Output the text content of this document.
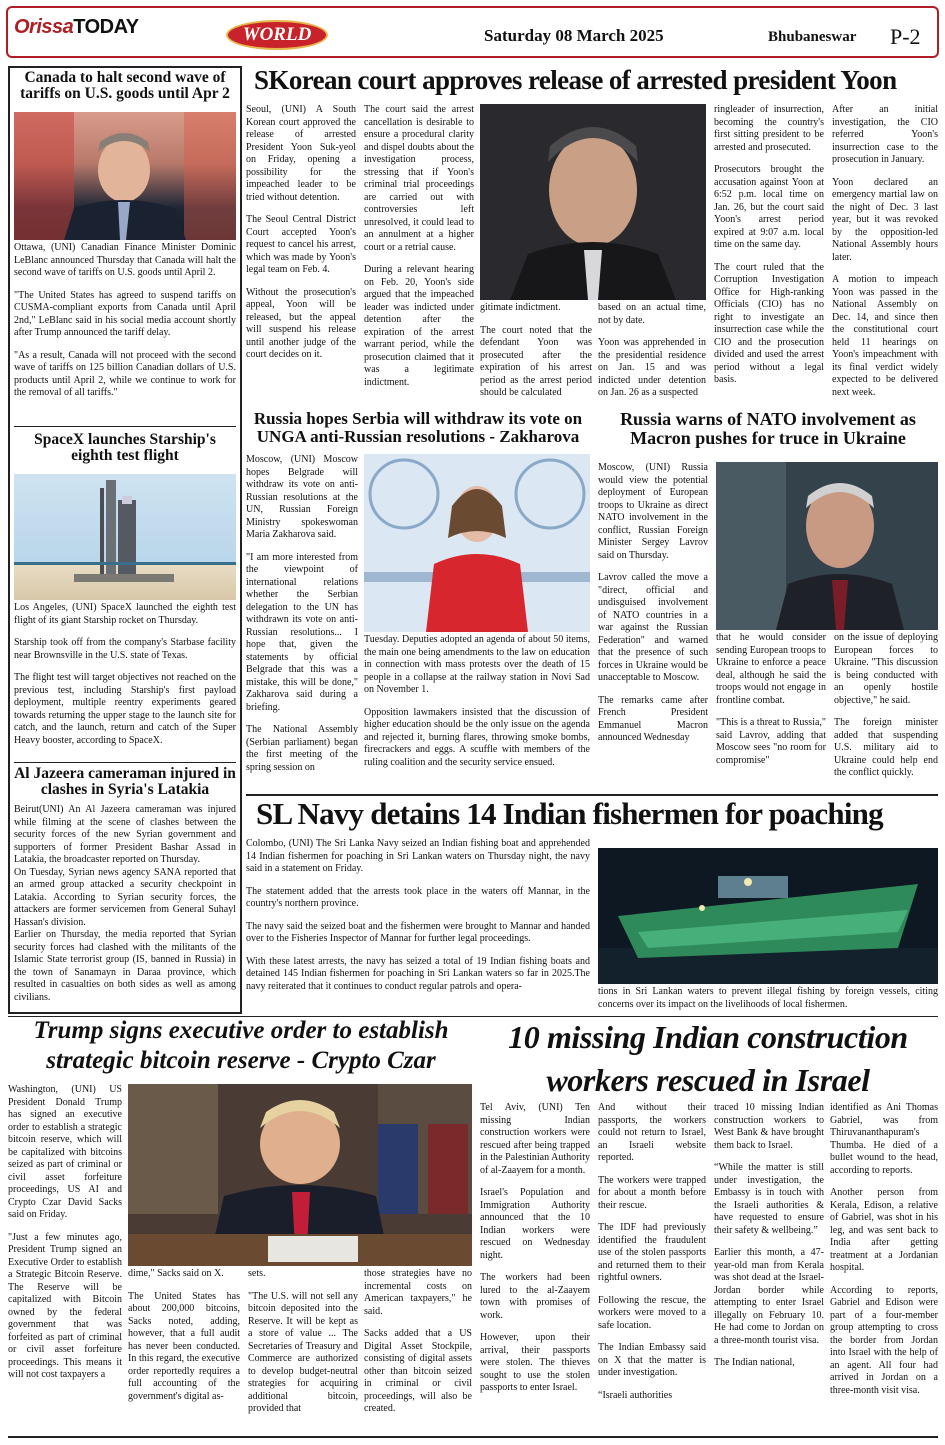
OrissaTODAY	WORLD	Saturday 08 March 2025	Bhubaneswar P-2
Canada to halt second wave of tariffs on U.S. goods until Apr 2

Ottawa, (UNI) Canadian Finance Minister Dominic LeBlanc announced Thursday that Canada will halt the second wave of tariffs on U.S. goods until April 2.

"The United States has agreed to suspend tariffs on CUSMA-compliant exports from Canada until April 2nd," LeBlanc said in his social media account shortly after Trump announced the tariff delay.

"As a result, Canada will not proceed with the second wave of tariffs on 125 billion Canadian dollars of U.S. products until April 2, while we continue to work for the removal of all tariffs."

SpaceX launches Starship's eighth test flight

Los Angeles, (UNI) SpaceX launched the eighth test flight of its giant Starship rocket on Thursday.

Starship took off from the company's Starbase facility near Brownsville in the U.S. state of Texas.

The flight test will target objectives not reached on the previous test, including Starship's first payload deployment, multiple reentry experiments geared towards returning the upper stage to the launch site for catch, and the launch, return and catch of the Super Heavy booster, according to SpaceX.

Al Jazeera cameraman injured in clashes in Syria's Latakia

Beirut(UNI) An Al Jazeera cameraman was injured while filming at the scene of clashes between the security forces of the new Syrian government and supporters of former President Bashar Assad in Latakia, the broadcaster reported on Thursday.

On Tuesday, Syrian news agency SANA reported that an armed group attacked a security checkpoint in Latakia. According to Syrian security forces, the attackers are former servicemen from General Suhayl Hassan's division.

Earlier on Thursday, the media reported that Syrian security forces had clashed with the militants of the Islamic State terrorist group (IS, banned in Russia) in the town of Sanamayn in Daraa province, which resulted in casualties on both sides as well as among civilians.

SKorean court approves release of arrested president Yoon

Seoul, (UNI) A South Korean court approved the release of arrested President Yoon Suk-yeol on Friday, opening a possibility for the impeached leader to be tried without detention.

The Seoul Central District Court accepted Yoon's request to cancel his arrest, which was made by Yoon's legal team on Feb. 4.

Without the prosecution's appeal, Yoon will be released, but the appeal will suspend his release until another judge of the court decides on it.

The court said the arrest cancellation is desirable to ensure a procedural clarity and dispel doubts about the investigation process, stressing that if Yoon's criminal trial proceedings are carried out with controversies left unresolved, it could lead to an annulment at a higher court or a retrial cause.

During a relevant hearing on Feb. 20, Yoon's side argued that the impeached leader was indicted under detention after the expiration of the arrest warrant period, while the prosecution claimed that it was a legitimate indictment.

gitimate indictment.

The court noted that the defendant Yoon was prosecuted after the expiration of his arrest period as the arrest period should be calculated

based on an actual time, not by date.

Yoon was apprehended in the presidential residence on Jan. 15 and was indicted under detention on Jan. 26 as a suspected

ringleader of insurrection, becoming the country's first sitting president to be arrested and prosecuted.

Prosecutors brought the accusation against Yoon at 6:52 p.m. local time on Jan. 26, but the court said Yoon's arrest period expired at 9:07 a.m. local time on the same day.

The court ruled that the Corruption Investigation Office for High-ranking Officials (CIO) has no right to investigate an insurrection case while the CIO and the prosecution divided and used the arrest period without a legal basis.

After an initial investigation, the CIO referred Yoon's insurrection case to the prosecution in January.

Yoon declared an emergency martial law on the night of Dec. 3 last year, but it was revoked by the opposition-led National Assembly hours later.

A motion to impeach Yoon was passed in the National Assembly on Dec. 14, and since then the constitutional court held 11 hearings on Yoon's impeachment with its final verdict widely expected to be delivered next week.

Russia hopes Serbia will withdraw its vote on UNGA anti-Russian resolutions - Zakharova

Moscow, (UNI) Moscow hopes Belgrade will withdraw its vote on anti-Russian resolutions at the UN, Russian Foreign Ministry spokeswoman Maria Zakharova said.

"I am more interested from the viewpoint of international relations whether the Serbian delegation to the UN has withdrawn its vote on anti-Russian resolutions... I hope that, given the statements by official Belgrade that this was a mistake, this will be done," Zakharova said during a briefing.

The National Assembly (Serbian parliament) began the first meeting of the spring session on

Tuesday. Deputies adopted an agenda of about 50 items, the main one being amendments to the law on education in connection with mass protests over the death of 15 people in a collapse at the railway station in Novi Sad on November 1.

Opposition lawmakers insisted that the discussion of higher education should be the only issue on the agenda and rejected it, burning flares, throwing smoke bombs, firecrackers and eggs. A scuffle with members of the ruling coalition and the security service ensued.

Russia warns of NATO involvement as Macron pushes for truce in Ukraine

Moscow, (UNI) Russia would view the potential deployment of European troops to Ukraine as direct NATO involvement in the conflict, Russian Foreign Minister Sergey Lavrov said on Thursday.

Lavrov called the move a "direct, official and undisguised involvement of NATO countries in a war against the Russian Federation" and warned that the presence of such forces in Ukraine would be unacceptable to Moscow.

The remarks came after French President Emmanuel Macron announced Wednesday

that he would consider sending European troops to Ukraine to enforce a peace deal, although he said the troops would not engage in frontline combat.

"This is a threat to Russia," said Lavrov, adding that Moscow sees "no room for compromise"

on the issue of deploying European forces to Ukraine. "This discussion is being conducted with an openly hostile objective," he said.

The foreign minister added that suspending U.S. military aid to Ukraine could help end the conflict quickly.

SL Navy detains 14 Indian fishermen for poaching

Colombo, (UNI) The Sri Lanka Navy seized an Indian fishing boat and apprehended 14 Indian fishermen for poaching in Sri Lankan waters on Thursday night, the navy said in a statement on Friday.

The statement added that the arrests took place in the waters off Mannar, in the country's northern province.

The navy said the seized boat and the fishermen were brought to Mannar and handed over to the Fisheries Inspector of Mannar for further legal proceedings.

With these latest arrests, the navy has seized a total of 19 Indian fishing boats and detained 145 Indian fishermen for poaching in Sri Lankan waters so far in 2025.The navy reiterated that it continues to conduct regular patrols and opera-	tions in Sri Lankan waters to prevent illegal fishing by foreign vessels, citing concerns over its impact on the livelihoods of local fishermen.
Trump signs executive order to establish strategic bitcoin reserve - Crypto Czar

Washington, (UNI) US President Donald Trump has signed an executive order to establish a strategic bitcoin reserve, which will be capitalized with bitcoins seized as part of criminal or civil asset forfeiture proceedings, US AI and Crypto Czar David Sacks said on Friday.

"Just a few minutes ago, President Trump signed an Executive Order to establish a Strategic Bitcoin Reserve. The Reserve will be capitalized with Bitcoin owned by the federal government that was forfeited as part of criminal or civil asset forfeiture proceedings. This means it will not cost taxpayers a

dime," Sacks said on X.

The United States has about 200,000 bitcoins, Sacks noted, adding, however, that a full audit has never been conducted. In this regard, the executive order reportedly requires a full accounting of the government's digital as-

sets.

"The U.S. will not sell any bitcoin deposited into the Reserve. It will be kept as a store of value ... The Secretaries of Treasury and Commerce are authorized to develop budget-neutral strategies for acquiring additional bitcoin, provided that

those strategies have no incremental costs on American taxpayers," he said.

Sacks added that a US Digital Asset Stockpile, consisting of digital assets other than bitcoin seized in criminal or civil proceedings, will also be created.

10 missing Indian construction workers rescued in Israel

Tel Aviv, (UNI) Ten missing Indian construction workers were rescued after being trapped in the Palestinian Authority of al-Zaayem for a month.

Israel's Population and Immigration Authority announced that the 10 Indian workers were rescued on Wednesday night.

The workers had been lured to the al-Zaayem town with promises of work.

However, upon their arrival, their passports were stolen. The thieves sought to use the stolen passports to enter Israel.

And without their passports, the workers could not return to Israel, an Israeli website reported.

The workers were trapped for about a month before their rescue.

The IDF had previously identified the fraudulent use of the stolen passports and returned them to their rightful owners.

Following the rescue, the workers were moved to a safe location.

The Indian Embassy said on X that the matter is under investigation.

“Israeli authorities

traced 10 missing Indian construction workers to West Bank & have brought them back to Israel.

“While the matter is still under investigation, the Embassy is in touch with the Israeli authorities & have requested to ensure their safety & wellbeing.”

Earlier this month, a 47-year-old man from Kerala was shot dead at the Israel-Jordan border while attempting to enter Israel illegally on February 10. He had come to Jordan on a three-month tourist visa.

The Indian national,

identified as Ani Thomas Gabriel, was from Thiruvananthapuram's Thumba. He died of a bullet wound to the head, according to reports.

Another person from Kerala, Edison, a relative of Gabriel, was shot in his leg, and was sent back to India after getting treatment at a Jordanian hospital.

According to reports, Gabriel and Edison were part of a four-member group attempting to cross the border from Jordan into Israel with the help of an agent. All four had arrived in Jordan on a three-month visit visa.
